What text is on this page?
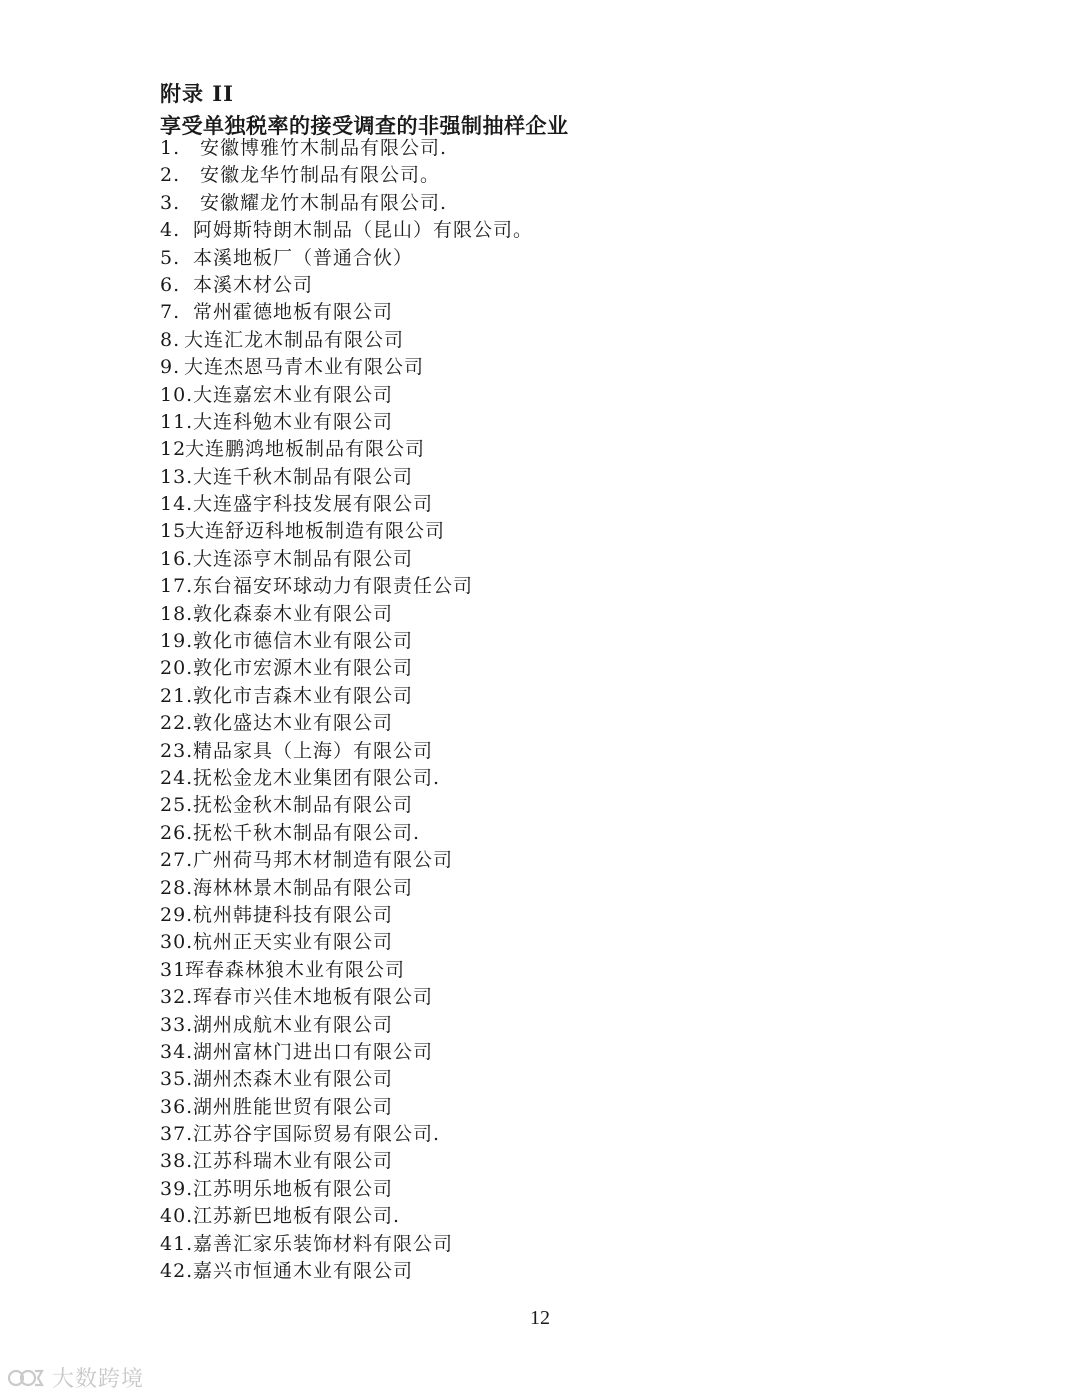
附录 II
享受单独税率的接受调查的非强制抽样企业
1. 安徽博雅竹木制品有限公司.
2. 安徽龙华竹制品有限公司。
3. 安徽耀龙竹木制品有限公司.
4. 阿姆斯特朗木制品（昆山）有限公司。
5. 本溪地板厂（普通合伙）
6. 本溪木材公司
7. 常州霍德地板有限公司
8. 大连汇龙木制品有限公司
9. 大连杰恩马青木业有限公司
10.大连嘉宏木业有限公司
11.大连科勉木业有限公司
12大连鹏鸿地板制品有限公司
13.大连千秋木制品有限公司
14.大连盛宇科技发展有限公司
15大连舒迈科地板制造有限公司
16.大连添亨木制品有限公司
17.东台福安环球动力有限责任公司
18.敦化森泰木业有限公司
19.敦化市德信木业有限公司
20.敦化市宏源木业有限公司
21.敦化市吉森木业有限公司
22.敦化盛达木业有限公司
23.精品家具（上海）有限公司
24.抚松金龙木业集团有限公司.
25.抚松金秋木制品有限公司
26.抚松千秋木制品有限公司.
27.广州荷马邦木材制造有限公司
28.海林林景木制品有限公司
29.杭州韩捷科技有限公司
30.杭州正天实业有限公司
31珲春森林狼木业有限公司
32.珲春市兴佳木地板有限公司
33.湖州成航木业有限公司
34.湖州富林门进出口有限公司
35.湖州杰森木业有限公司
36.湖州胜能世贸有限公司
37.江苏谷宇国际贸易有限公司.
38.江苏科瑞木业有限公司
39.江苏明乐地板有限公司
40.江苏新巴地板有限公司.
41.嘉善汇家乐装饰材料有限公司
42.嘉兴市恒通木业有限公司
12
大数跨境
